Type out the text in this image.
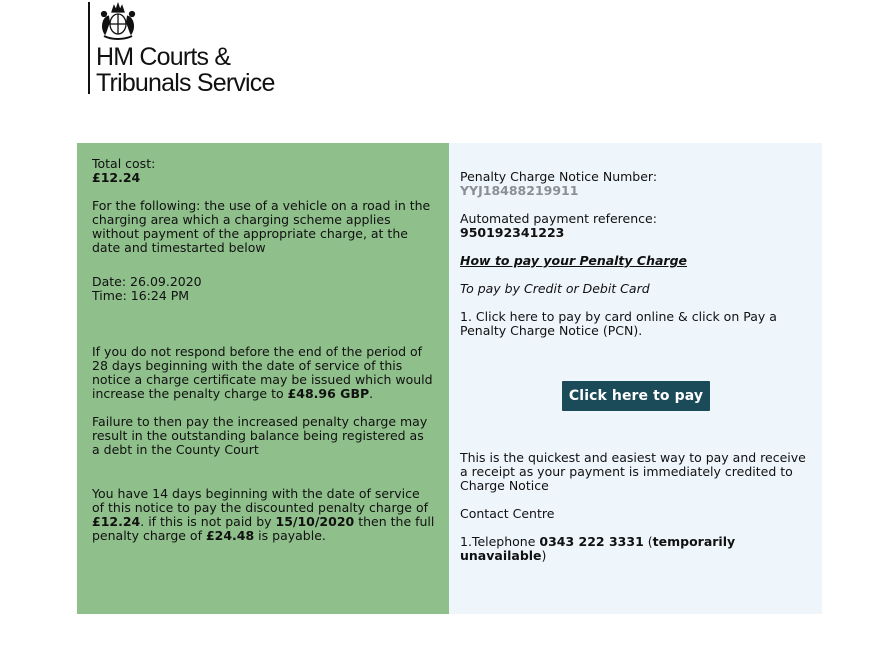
HM Courts &
Tribunals Service

Total cost:

£12.24

For the following: the use of a vehicle on a road in the charging area which a charging scheme applies without payment of the appropriate charge, at the date and timestarted below

Date: 26.09.2020

Time: 16:24 PM

If you do not respond before the end of the period of 28 days beginning with the date of service of this notice a charge certificate may be issued which would increase the penalty charge to £48.96 GBP.

Failure to then pay the increased penalty charge may result in the outstanding balance being registered as a debt in the County Court

You have 14 days beginning with the date of service of this notice to pay the discounted penalty charge of £12.24. if this is not paid by 15/10/2020 then the full penalty charge of £24.48 is payable.

Penalty Charge Notice Number:

YYJ18488219911

Automated payment reference:

950192341223

How to pay your Penalty Charge

To pay by Credit or Debit Card

1. Click here to pay by card online & click on Pay a Penalty Charge Notice (PCN).

Click here to pay

This is the quickest and easiest way to pay and receive a receipt as your payment is immediately credited to Charge Notice

Contact Centre

1.Telephone 0343 222 3331 (temporarily unavailable)
